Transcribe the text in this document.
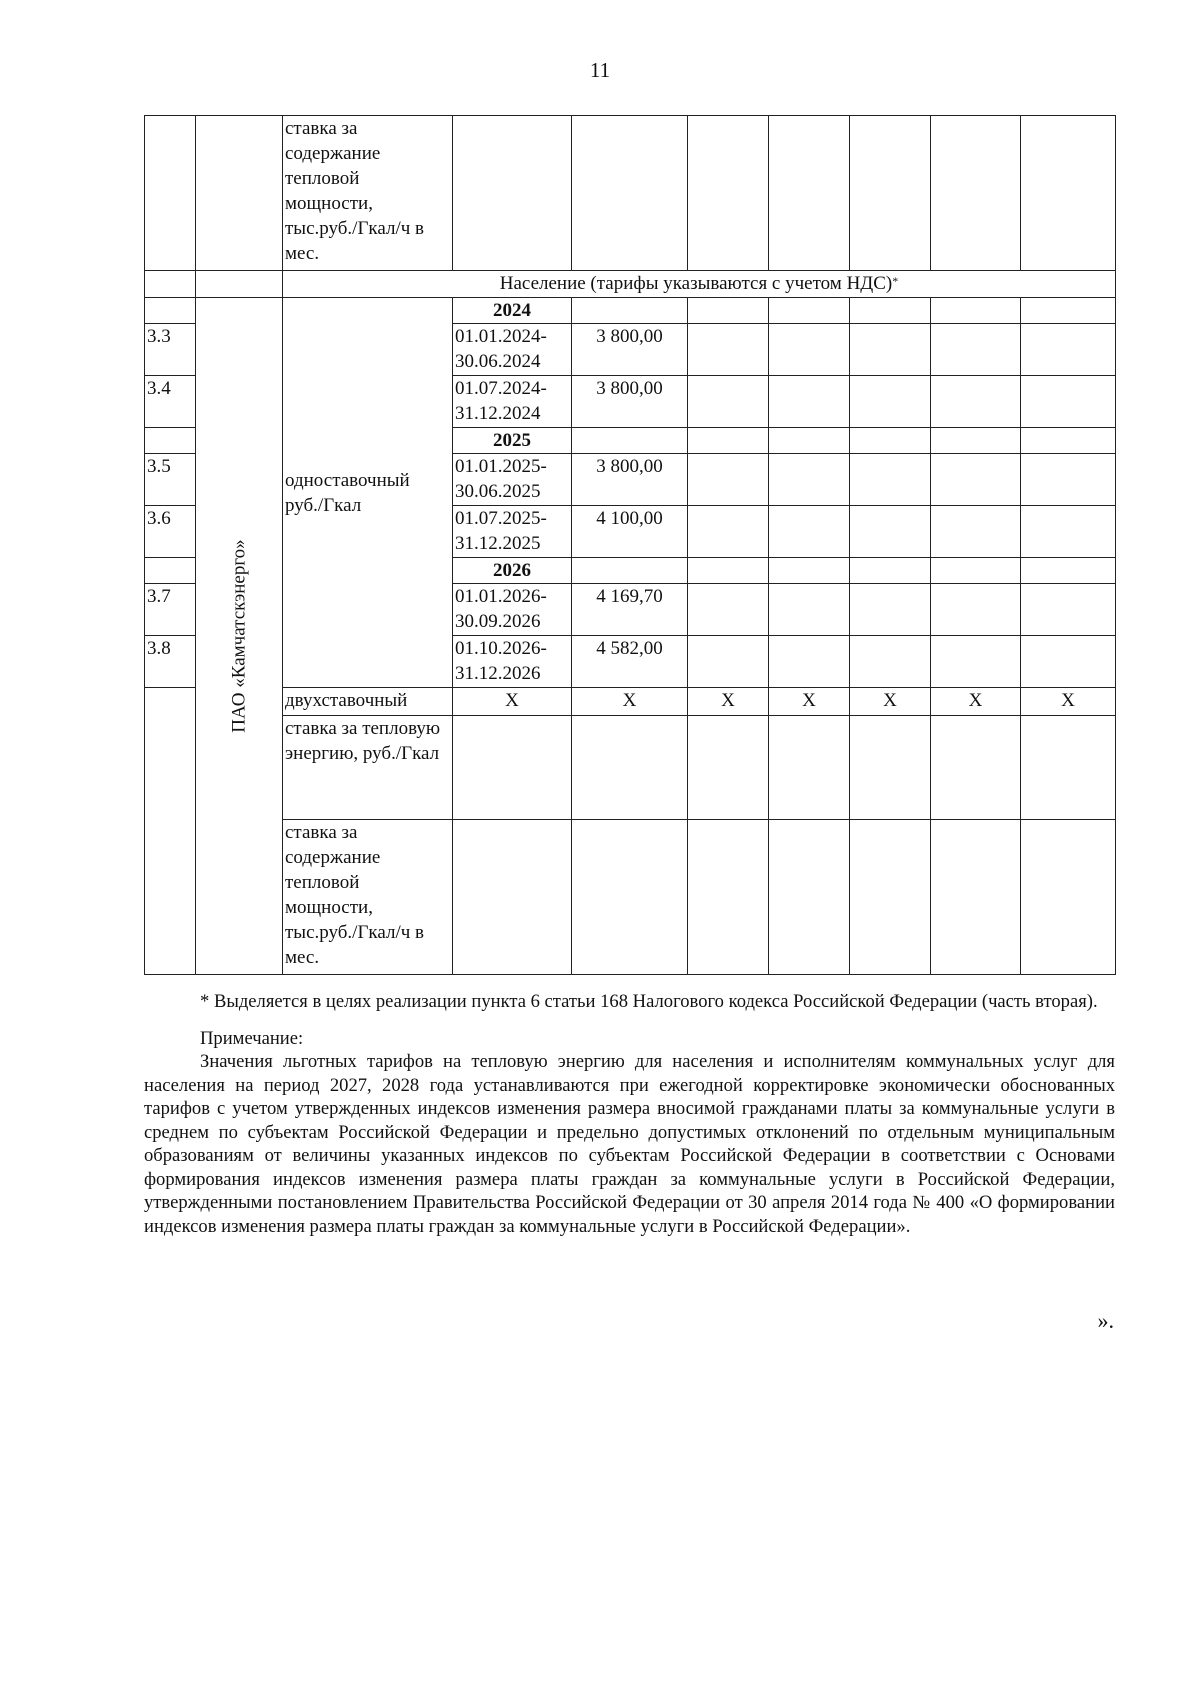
11
		ставка за содержание тепловой мощности, тыс.руб./Гкал/ч в мес.							
		Население (тарифы указываются с учетом НДС)*

	ПАО «Камчатскэнерго»	одноставочный руб./Гкал	2024						
3.3			01.01.2024-30.06.2024	3 800,00					
3.4			01.07.2024-31.12.2024	3 800,00					
			2025						
3.5			01.01.2025-30.06.2025	3 800,00					
3.6			01.07.2025-31.12.2025	4 100,00					
			2026						
3.7			01.01.2026-30.09.2026	4 169,70					
3.8			01.10.2026-31.12.2026	4 582,00					
		двухставочный	X	X	X	X	X	X	X
		ставка за тепловую энергию, руб./Гкал							
		ставка за содержание тепловой мощности, тыс.руб./Гкал/ч в мес.							

* Выделяется в целях реализации пункта 6 статьи 168 Налогового кодекса Российской Федерации (часть вторая).

Примечание:

Значения льготных тарифов на тепловую энергию для населения и исполнителям коммунальных услуг для населения на период 2027, 2028 года устанавливаются при ежегодной корректировке экономически обоснованных тарифов с учетом утвержденных индексов изменения размера вносимой гражданами платы за коммунальные услуги в среднем по субъектам Российской Федерации и предельно допустимых отклонений по отдельным муниципальным образованиям от величины указанных индексов по субъектам Российской Федерации в соответствии с Основами формирования индексов изменения размера платы граждан за коммунальные услуги в Российской Федерации, утвержденными постановлением Правительства Российской Федерации от 30 апреля 2014 года № 400 «О формировании индексов изменения размера платы граждан за коммунальные услуги в Российской Федерации».

».
